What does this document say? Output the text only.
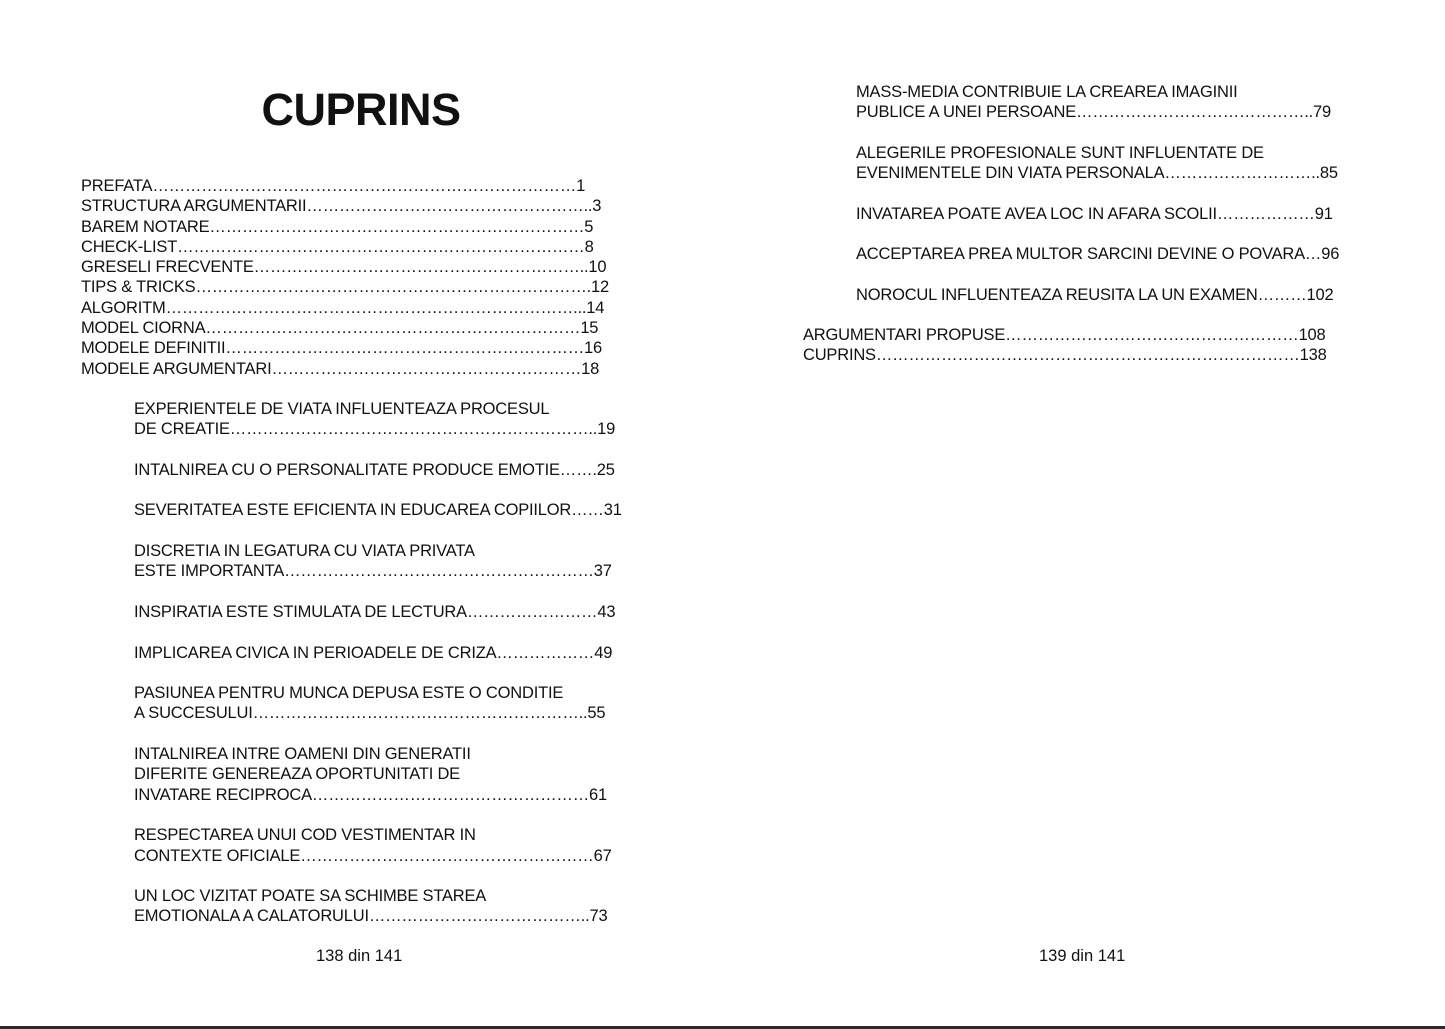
CUPRINS
PREFATA……………………………………………………………………1
STRUCTURA ARGUMENTARII……………………………………………..3
BAREM NOTARE……………………………………………………………5
CHECK-LIST…………………………………………………………………8
GRESELI FRECVENTE……………………………………………………..10
TIPS & TRICKS……………………………………………………………….12
ALGORITM…………………………………………………………………...14
MODEL CIORNA……………………………………………………………15
MODELE DEFINITII…………………………………………………………16
MODELE ARGUMENTARI…………………………………………………18
EXPERIENTELE DE VIATA INFLUENTEAZA PROCESUL
DE CREATIE…………………………………………………………..19
INTALNIREA CU O PERSONALITATE PRODUCE EMOTIE…….25
SEVERITATEA ESTE EFICIENTA IN EDUCAREA COPIILOR……31
DISCRETIA IN LEGATURA CU VIATA PRIVATA
ESTE IMPORTANTA…………………………………………………37
INSPIRATIA ESTE STIMULATA DE LECTURA……………………43
IMPLICAREA CIVICA IN PERIOADELE DE CRIZA………………49
PASIUNEA PENTRU MUNCA DEPUSA ESTE O CONDITIE
A SUCCESULUI……………………………………………………..55
INTALNIREA INTRE OAMENI DIN GENERATII
DIFERITE GENEREAZA OPORTUNITATI DE
INVATARE RECIPROCA……………………………………………61
RESPECTAREA UNUI COD VESTIMENTAR IN
CONTEXTE OFICIALE………………………………………………67
UN LOC VIZITAT POATE SA SCHIMBE STAREA
EMOTIONALA A CALATORULUI…………………………………..73
138 din 141
MASS-MEDIA CONTRIBUIE LA CREAREA IMAGINII
PUBLICE A UNEI PERSOANE……………………………………..79
ALEGERILE PROFESIONALE SUNT INFLUENTATE DE
EVENIMENTELE DIN VIATA PERSONALA………………………..85
INVATAREA POATE AVEA LOC IN AFARA SCOLII………………91
ACCEPTAREA PREA MULTOR SARCINI DEVINE O POVARA…96
NOROCUL INFLUENTEAZA REUSITA LA UN EXAMEN………102
ARGUMENTARI PROPUSE………………………………………………108
CUPRINS……………………………………………………………………138
139 din 141
